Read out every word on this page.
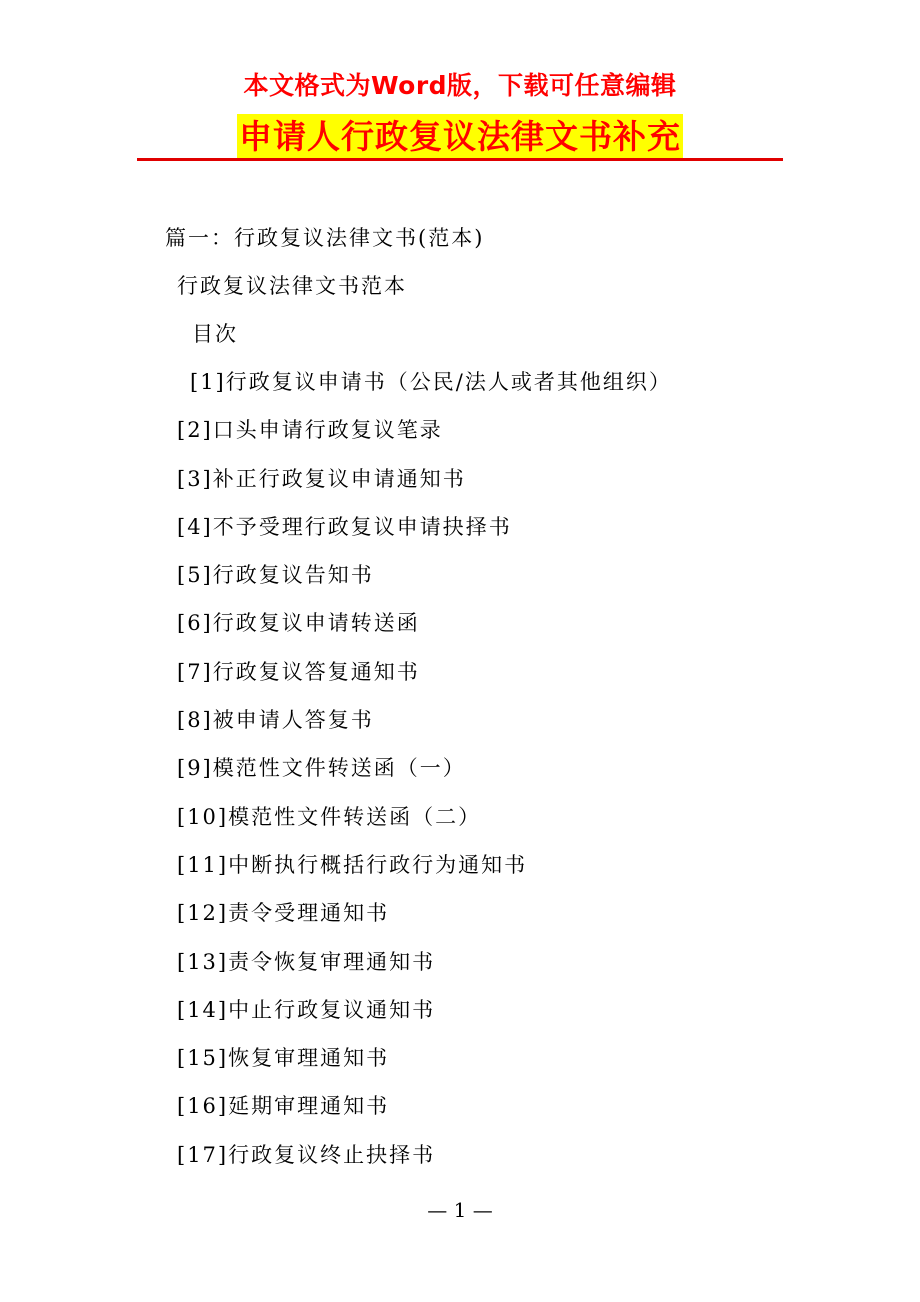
本文格式为Word版，下载可任意编辑
申请人行政复议法律文书补充
篇一：行政复议法律文书(范本)
行政复议法律文书范本
目次
[1]行政复议申请书（公民/法人或者其他组织）
[2]口头申请行政复议笔录
[3]补正行政复议申请通知书
[4]不予受理行政复议申请抉择书
[5]行政复议告知书
[6]行政复议申请转送函
[7]行政复议答复通知书
[8]被申请人答复书
[9]模范性文件转送函（一）
[10]模范性文件转送函（二）
[11]中断执行概括行政行为通知书
[12]责令受理通知书
[13]责令恢复审理通知书
[14]中止行政复议通知书
[15]恢复审理通知书
[16]延期审理通知书
[17]行政复议终止抉择书
— 1 —
